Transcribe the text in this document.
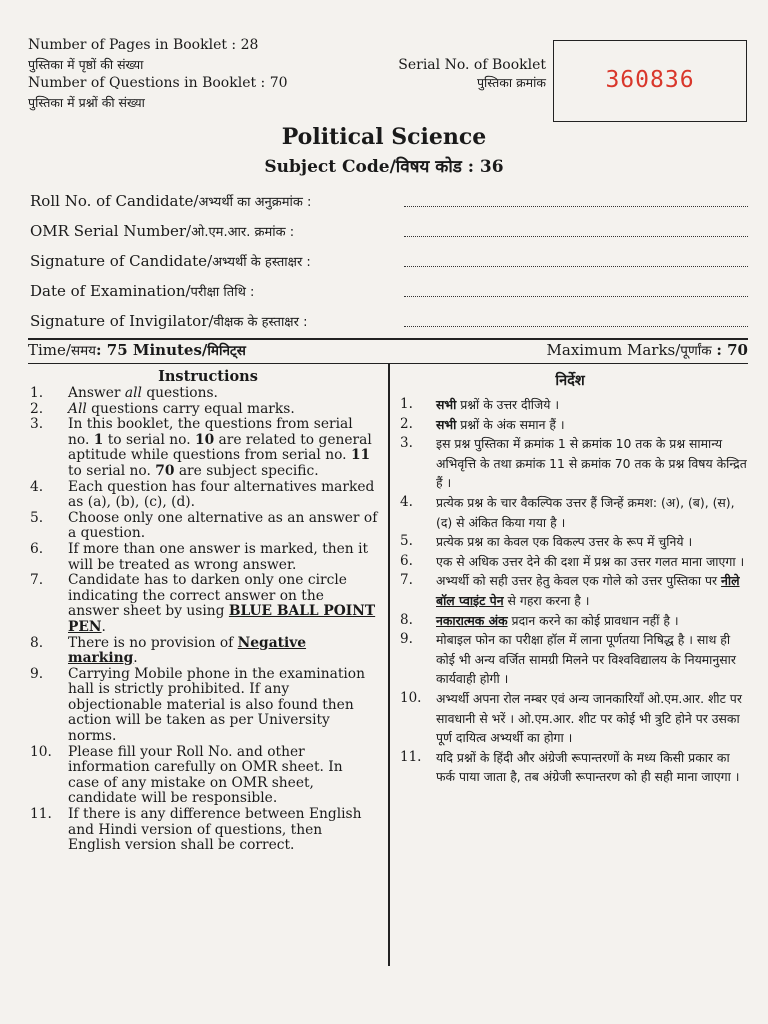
Number of Pages in Booklet : 28
पुस्तिका में पृष्ठों की संख्या
Number of Questions in Booklet : 70
पुस्तिका में प्रश्नों की संख्या
Serial No. of Booklet
पुस्तिका क्रमांक	360836
Political Science
Subject Code/विषय कोड : 36
Roll No. of Candidate/अभ्यर्थी का अनुक्रमांक :
OMR Serial Number/ओ.एम.आर. क्रमांक :
Signature of Candidate/अभ्यर्थी के हस्ताक्षर :
Date of Examination/परीक्षा तिथि :
Signature of Invigilator/वीक्षक के हस्ताक्षर :
Time/समय: 75 Minutes/मिनिट्स	Maximum Marks/पूर्णांक : 70
Instructions	निर्देश
1.	Answer all questions.
2.	All questions carry equal marks.
3.	In this booklet, the questions from serial no. 1 to serial no. 10 are related to general aptitude while questions from serial no. 11 to serial no. 70 are subject specific.
4.	Each question has four alternatives marked as (a), (b), (c), (d).
5.	Choose only one alternative as an answer of a question.
6.	If more than one answer is marked, then it will be treated as wrong answer.
7.	Candidate has to darken only one circle indicating the correct answer on the answer sheet by using BLUE BALL POINT PEN.
8.	There is no provision of Negative marking.
9.	Carrying Mobile phone in the examination hall is strictly prohibited. If any objectionable material is also found then action will be taken as per University norms.
10.	Please fill your Roll No. and other information carefully on OMR sheet. In case of any mistake on OMR sheet, candidate will be responsible.
11.	If there is any difference between English and Hindi version of questions, then English version shall be correct.
1.	सभी प्रश्नों के उत्तर दीजिये ।
2.	सभी प्रश्नों के अंक समान हैं ।
3.	इस प्रश्न पुस्तिका में क्रमांक 1 से क्रमांक 10 तक के प्रश्न सामान्य अभिवृत्ति के तथा क्रमांक 11 से क्रमांक 70 तक के प्रश्न विषय केन्द्रित हैं ।
4.	प्रत्येक प्रश्न के चार वैकल्पिक उत्तर हैं जिन्हें क्रमश: (अ), (ब), (स), (द) से अंकित किया गया है ।
5.	प्रत्येक प्रश्न का केवल एक विकल्प उत्तर के रूप में चुनिये ।
6.	एक से अधिक उत्तर देने की दशा में प्रश्न का उत्तर गलत माना जाएगा ।
7.	अभ्यर्थी को सही उत्तर हेतु केवल एक गोले को उत्तर पुस्तिका पर नीले बॉल प्वाइंट पेन से गहरा करना है ।
8.	नकारात्मक अंक प्रदान करने का कोई प्रावधान नहीं है ।
9.	मोबाइल फोन का परीक्षा हॉल में लाना पूर्णतया निषिद्ध है । साथ ही कोई भी अन्य वर्जित सामग्री मिलने पर विश्वविद्यालय के नियमानुसार कार्यवाही होगी ।
10.	अभ्यर्थी अपना रोल नम्बर एवं अन्य जानकारियाँ ओ.एम.आर. शीट पर सावधानी से भरें । ओ.एम.आर. शीट पर कोई भी त्रुटि होने पर उसका पूर्ण दायित्व अभ्यर्थी का होगा ।
11.	यदि प्रश्नों के हिंदी और अंग्रेजी रूपान्तरणों के मध्य किसी प्रकार का फर्क पाया जाता है, तब अंग्रेजी रूपान्तरण को ही सही माना जाएगा ।
